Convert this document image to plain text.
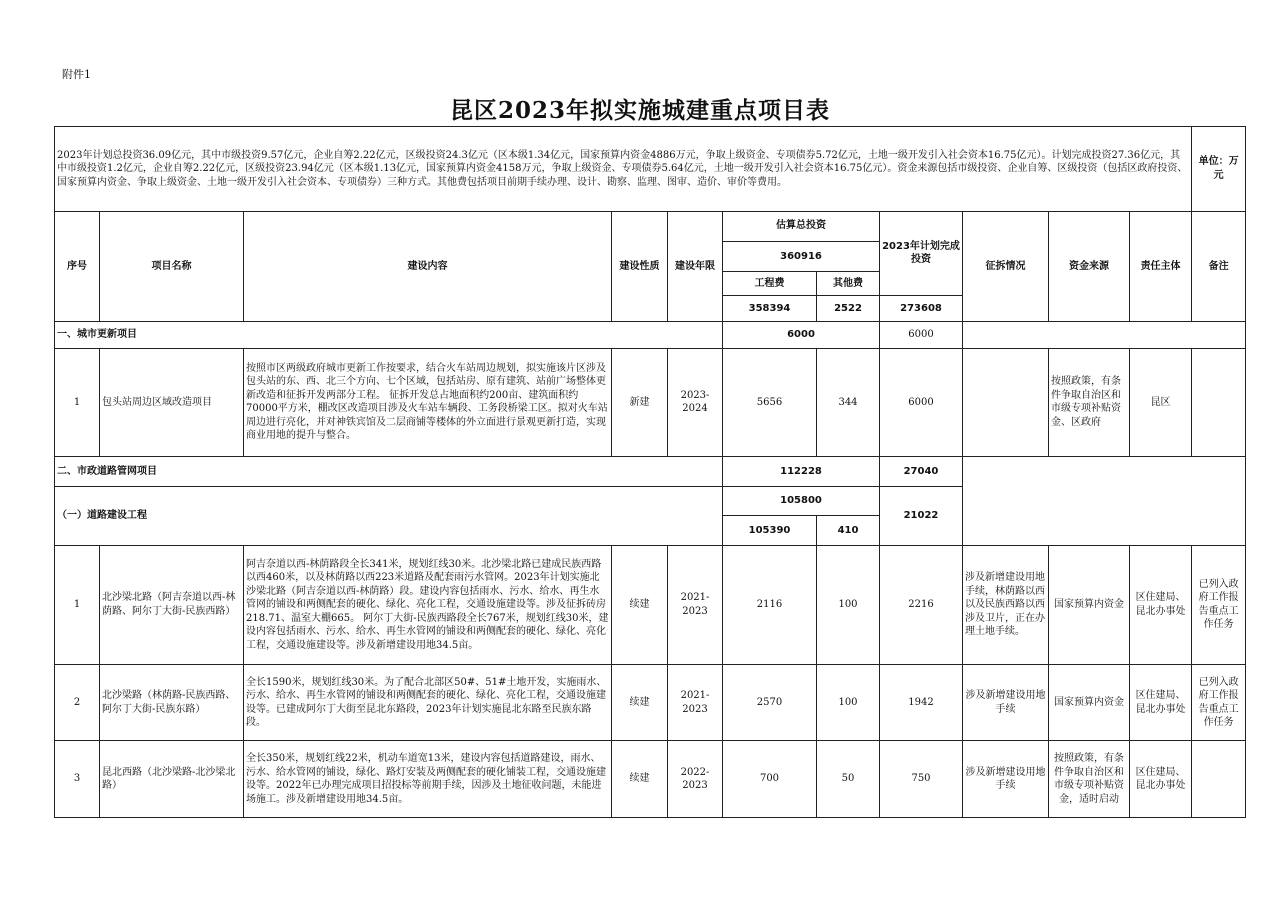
附件1
昆区2023年拟实施城建重点项目表
2023年计划总投资36.09亿元，其中市级投资9.57亿元，企业自筹2.22亿元，区级投资24.3亿元（区本级1.34亿元，国家预算内资金4886万元，争取上级资金、专项债券5.72亿元，土地一级开发引入社会资本16.75亿元）。计划完成投资27.36亿元，其中市级投资1.2亿元，企业自筹2.22亿元，区级投资23.94亿元（区本级1.13亿元，国家预算内资金4158万元，争取上级资金、专项债券5.64亿元，土地一级开发引入社会资本16.75亿元）。资金来源包括市级投资、企业自筹、区级投资（包括区政府投资、国家预算内资金、争取上级资金、土地一级开发引入社会资本、专项债券）三种方式。其他费包括项目前期手续办理、设计、勘察、监理、图审、造价、审价等费用。											单位：万元
序号	项目名称	建设内容	建设性质	建设年限	估算总投资		2023年计划完成投资	征拆情况	资金来源	责任主体	备注
					360916						
					工程费	其他费					
					358394	2522	273608				
一、城市更新项目					6000		6000				
1	包头站周边区域改造项目	按照市区两级政府城市更新工作按要求，结合火车站周边规划，拟实施该片区涉及包头站的东、西、北三个方向、七个区域，包括站房、原有建筑、站前广场整体更新改造和征拆开发两部分工程。 征拆开发总占地面积约200亩、建筑面积约70000平方米，棚改区改造项目涉及火车站车辆段、工务段桥梁工区。拟对火车站周边进行亮化，并对神铁宾馆及二层商铺等楼体的外立面进行景观更新打造，实现商业用地的提升与整合。	新建	2023-2024	5656	344	6000		按照政策，有条件争取自治区和市级专项补贴资金、区政府	昆区	
二、市政道路管网项目					112228		27040				
（一）道路建设工程					105800		21022				
					105390	410					
1	北沙梁北路（阿吉奈道以西-林荫路、阿尔丁大街-民族西路）	阿吉奈道以西-林荫路段全长341米，规划红线30米。北沙梁北路已建成民族西路以西460米，以及林荫路以西223米道路及配套雨污水管网。2023年计划实施北沙梁北路（阿吉奈道以西-林荫路）段。建设内容包括雨水、污水、给水、再生水管网的铺设和两侧配套的硬化、绿化、亮化工程，交通设施建设等。涉及征拆砖房218.71、温室大棚665。 阿尔丁大街-民族西路段全长767米，规划红线30米，建设内容包括雨水、污水、给水、再生水管网的铺设和两侧配套的硬化、绿化、亮化工程，交通设施建设等。涉及新增建设用地34.5亩。	续建	2021-2023	2116	100	2216	涉及新增建设用地手续，林荫路以西以及民族西路以西涉及卫片，正在办理土地手续。	国家预算内资金	区住建局、昆北办事处	已列入政府工作报告重点工作任务
2	北沙梁路（林荫路-民族西路、阿尔丁大街-民族东路）	全长1590米，规划红线30米。为了配合北部区50#、51#土地开发，实施雨水、污水、给水、再生水管网的铺设和两侧配套的硬化、绿化、亮化工程，交通设施建设等。已建成阿尔丁大街至昆北东路段，2023年计划实施昆北东路至民族东路段。	续建	2021-2023	2570	100	1942	涉及新增建设用地手续	国家预算内资金	区住建局、昆北办事处	已列入政府工作报告重点工作任务
3	昆北西路（北沙梁路-北沙梁北路）	全长350米，规划红线22米，机动车道宽13米，建设内容包括道路建设，雨水、污水、给水管网的铺设，绿化、路灯安装及两侧配套的硬化铺装工程，交通设施建设等。2022年已办理完成项目招投标等前期手续，因涉及土地征收问题，未能进场施工。涉及新增建设用地34.5亩。	续建	2022-2023	700	50	750	涉及新增建设用地手续	按照政策，有条件争取自治区和市级专项补贴资金，适时启动	区住建局、昆北办事处	
